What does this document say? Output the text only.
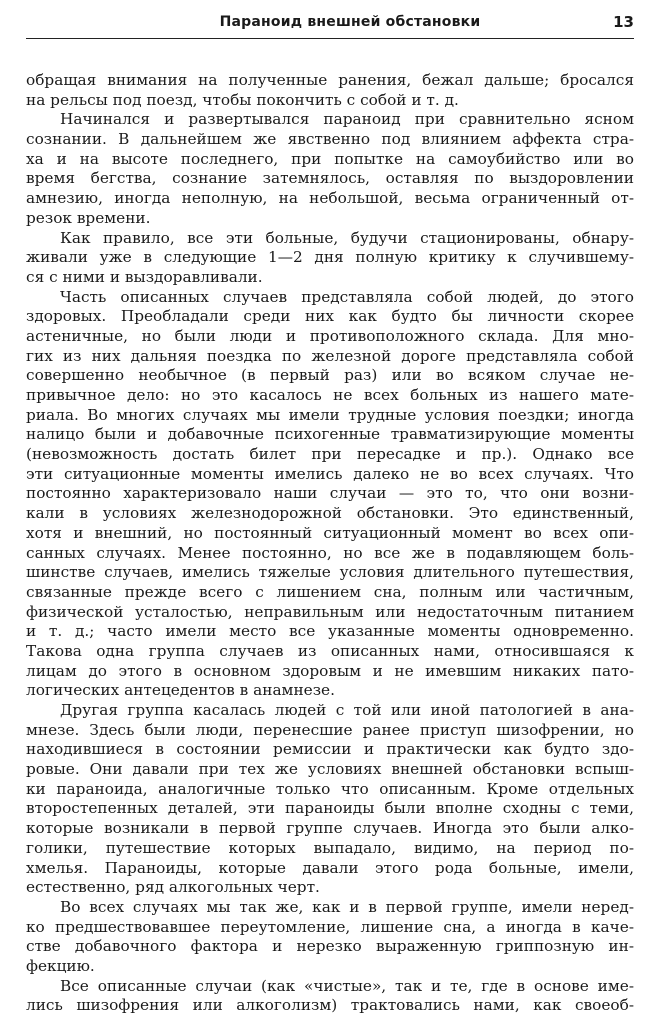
Параноид внешней обстановки	13
обращая внимания на полученные ранения, бежал дальше; бросался
на рельсы под поезд, чтобы покончить с собой и т. д.
Начинался и развертывался параноид при сравнительно ясном
сознании. В дальнейшем же явственно под влиянием аффекта стра-
ха и на высоте последнего, при попытке на самоубийство или во
время бегства, сознание затемнялось, оставляя по выздоровлении
амнезию, иногда неполную, на небольшой, весьма ограниченный от-
резок времени.
Как правило, все эти больные, будучи стационированы, обнару-
живали уже в следующие 1—2 дня полную критику к случившему-
ся с ними и выздоравливали.
Часть описанных случаев представляла собой людей, до этого
здоровых. Преобладали среди них как будто бы личности скорее
астеничные, но были люди и противоположного склада. Для мно-
гих из них дальняя поездка по железной дороге представляла собой
совершенно необычное (в первый раз) или во всяком случае не-
привычное дело: но это касалось не всех больных из нашего мате-
риала. Во многих случаях мы имели трудные условия поездки; иногда
налицо были и добавочные психогенные травматизирующие моменты
(невозможность достать билет при пересадке и пр.). Однако все
эти ситуационные моменты имелись далеко не во всех случаях. Что
постоянно характеризовало наши случаи — это то, что они возни-
кали в условиях железнодорожной обстановки. Это единственный,
хотя и внешний, но постоянный ситуационный момент во всех опи-
санных случаях. Менее постоянно, но все же в подавляющем боль-
шинстве случаев, имелись тяжелые условия длительного путешествия,
связанные прежде всего с лишением сна, полным или частичным,
физической усталостью, неправильным или недостаточным питанием
и т. д.; часто имели место все указанные моменты одновременно.
Такова одна группа случаев из описанных нами, относившаяся к
лицам до этого в основном здоровым и не имевшим никаких пато-
логических антецедентов в анамнезе.
Другая группа касалась людей с той или иной патологией в ана-
мнезе. Здесь были люди, перенесшие ранее приступ шизофрении, но
находившиеся в состоянии ремиссии и практически как будто здо-
ровые. Они давали при тех же условиях внешней обстановки вспыш-
ки параноида, аналогичные только что описанным. Кроме отдельных
второстепенных деталей, эти параноиды были вполне сходны с теми,
которые возникали в первой группе случаев. Иногда это были алко-
голики, путешествие которых выпадало, видимо, на период по-
хмелья. Параноиды, которые давали этого рода больные, имели,
естественно, ряд алкогольных черт.
Во всех случаях мы так же, как и в первой группе, имели неред-
ко предшествовавшее переутомление, лишение сна, а иногда в каче-
стве добавочного фактора и нерезко выраженную гриппозную ин-
фекцию.
Все описанные случаи (как «чистые», так и те, где в основе име-
лись шизофрения или алкоголизм) трактовались нами, как своеоб-
